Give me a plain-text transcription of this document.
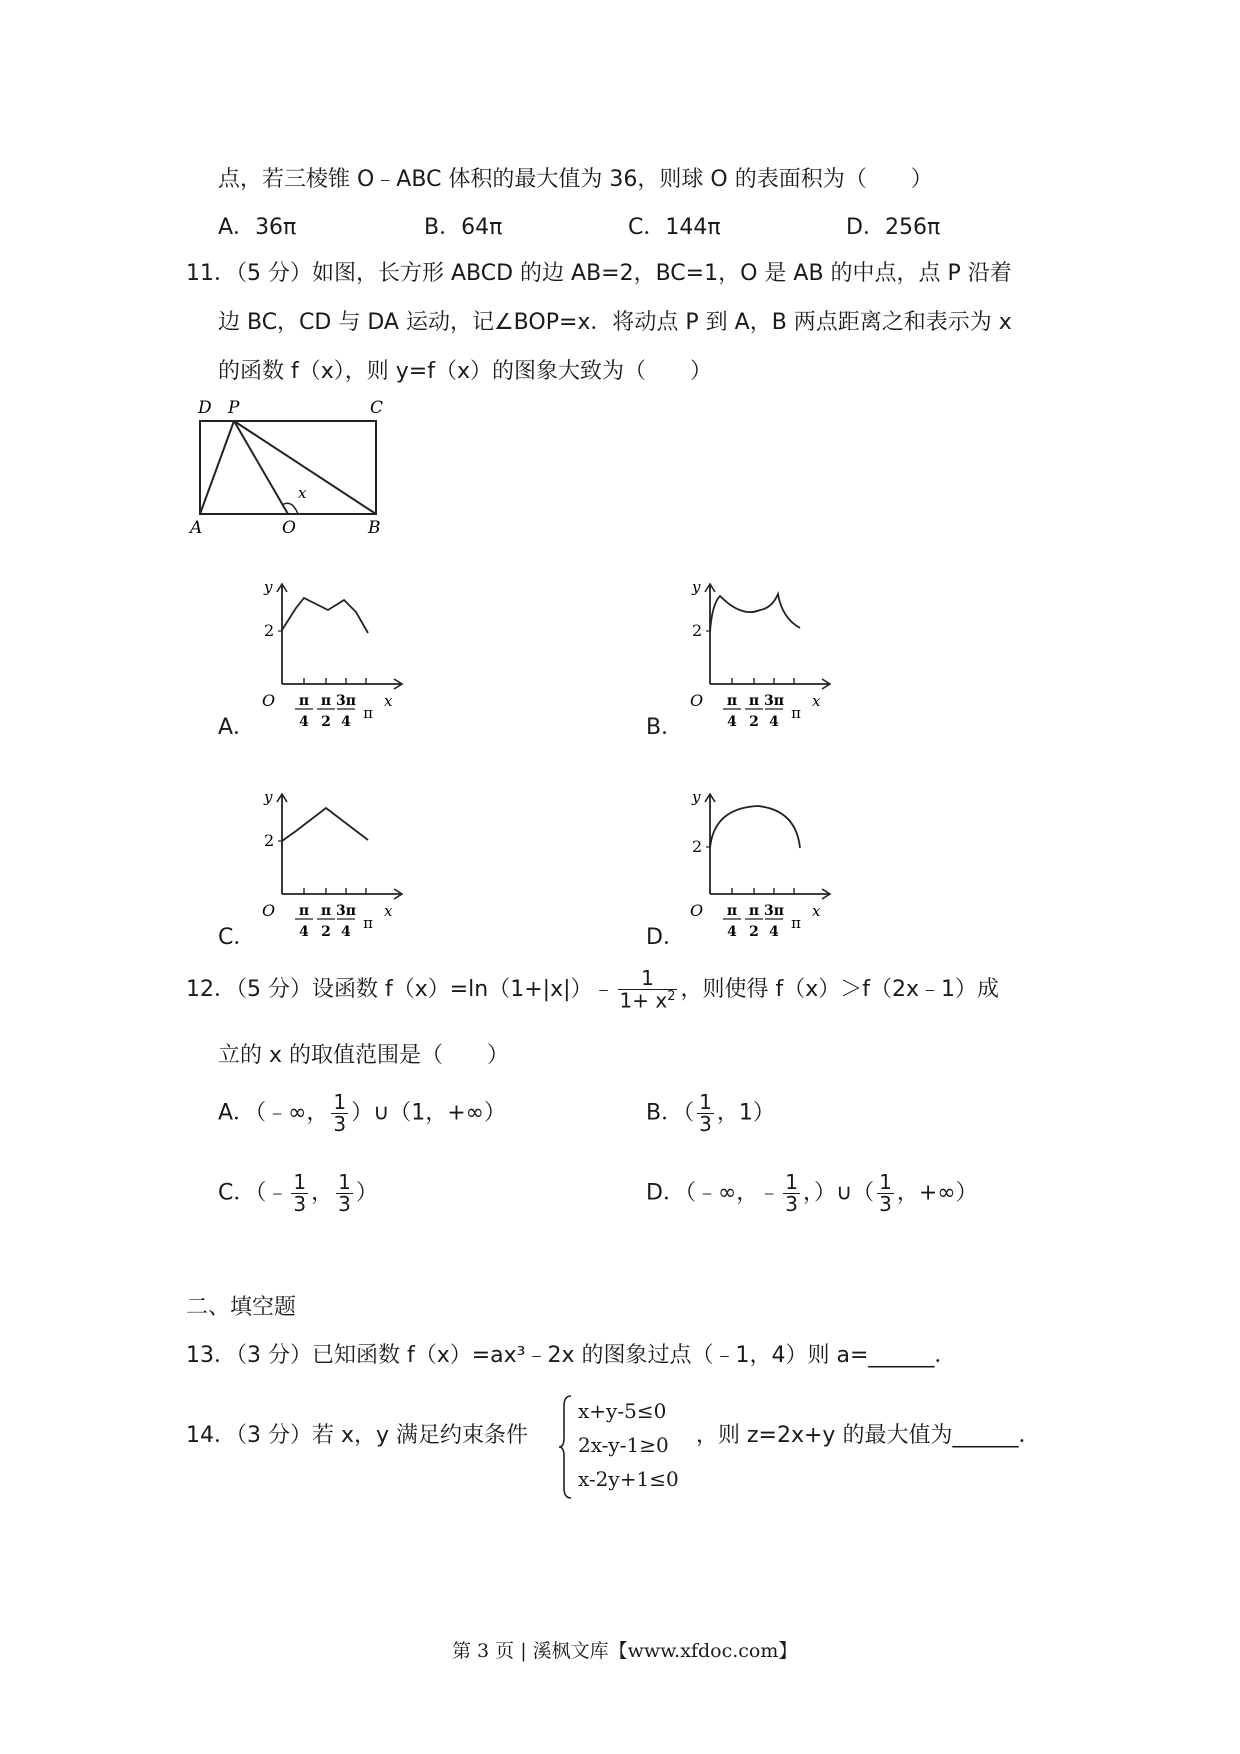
点，若三棱锥 O﹣ABC 体积的最大值为 36，则球 O 的表面积为（　　）
A．36π	B．64π	C．144π	D．256π
11．（5 分）如图，长方形 ABCD 的边 AB=2，BC=1，O 是 AB 的中点，点 P 沿着
边 BC，CD 与 DA 运动，记∠BOP=x．将动点 P 到 A，B 两点距离之和表示为 x
的函数 f（x），则 y=f（x）的图象大致为（　　）
D P	C
A	O	B
x
A．	B．
C．	D．
y
x
O
2
π
4
π
2
3π
4 π
y
x
O
2
π
4
π
2
3π
4 π
y
x
O
2
π
4
π
2
3π
4 π
y
x
O
2
π
4
π
2
3π
4 π
12．（5 分）设函数 f（x）=ln（1+|x|）﹣ $\frac{1}{1+ x^2}$ ，则使得 f（x）＞f（2x﹣1）成
立的 x 的取值范围是（　　）
A．（﹣∞， $\frac{1}{3}$ ）∪（1，+∞）	B．（ $\frac{1}{3}$ ，1）
C．（﹣ $\frac{1}{3}$ ， $\frac{1}{3}$ ）	D．（﹣∞，﹣ $\frac{1}{3}$ ，）∪（ $\frac{1}{3}$ ，+∞）
二、填空题
13．（3 分）已知函数 f（x）=ax³﹣2x 的图象过点（﹣1，4）则 a=______．
14．（3 分）若 x，y 满足约束条件
x+y-5≤0
2x-y-1≥0
x-2y+1≤0
，则 z=2x+y 的最大值为______．
第 3 页 | 溪枫文库【www.xfdoc.com】
